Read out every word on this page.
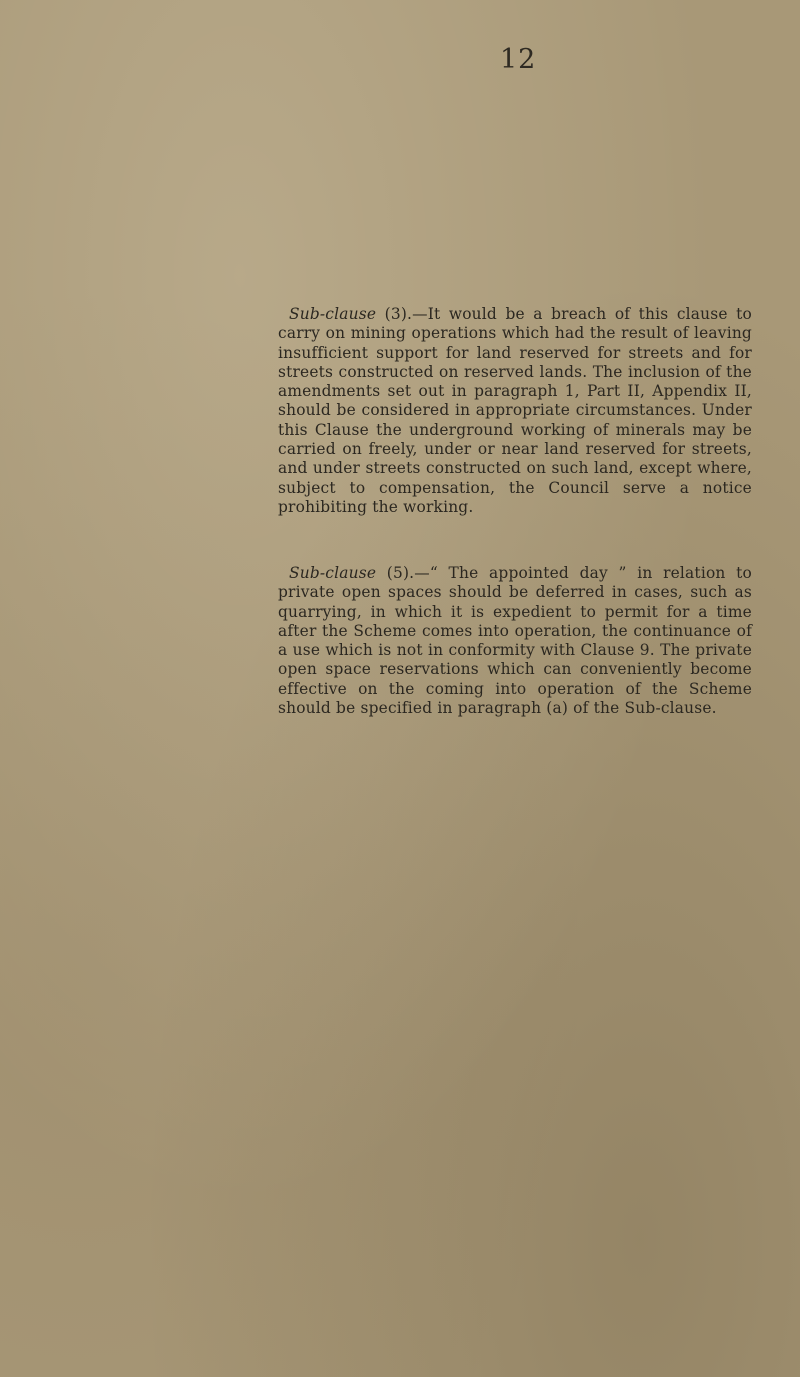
12

Sub-clause (3).—It would be a breach of this clause to carry on mining operations which had the result of leaving insufficient support for land reserved for streets and for streets constructed on reserved lands. The inclusion of the amendments set out in paragraph 1, Part II, Appendix II, should be considered in appropriate circumstances. Under this Clause the underground working of minerals may be carried on freely, under or near land reserved for streets, and under streets constructed on such land, except where, subject to compensation, the Council serve a notice prohibiting the working.

Sub-clause (5).—“ The appointed day ” in relation to private open spaces should be deferred in cases, such as quarrying, in which it is expedient to permit for a time after the Scheme comes into operation, the continuance of a use which is not in conformity with Clause 9. The private open space reservations which can conveniently become effective on the coming into operation of the Scheme should be specified in paragraph (a) of the Sub-clause.
